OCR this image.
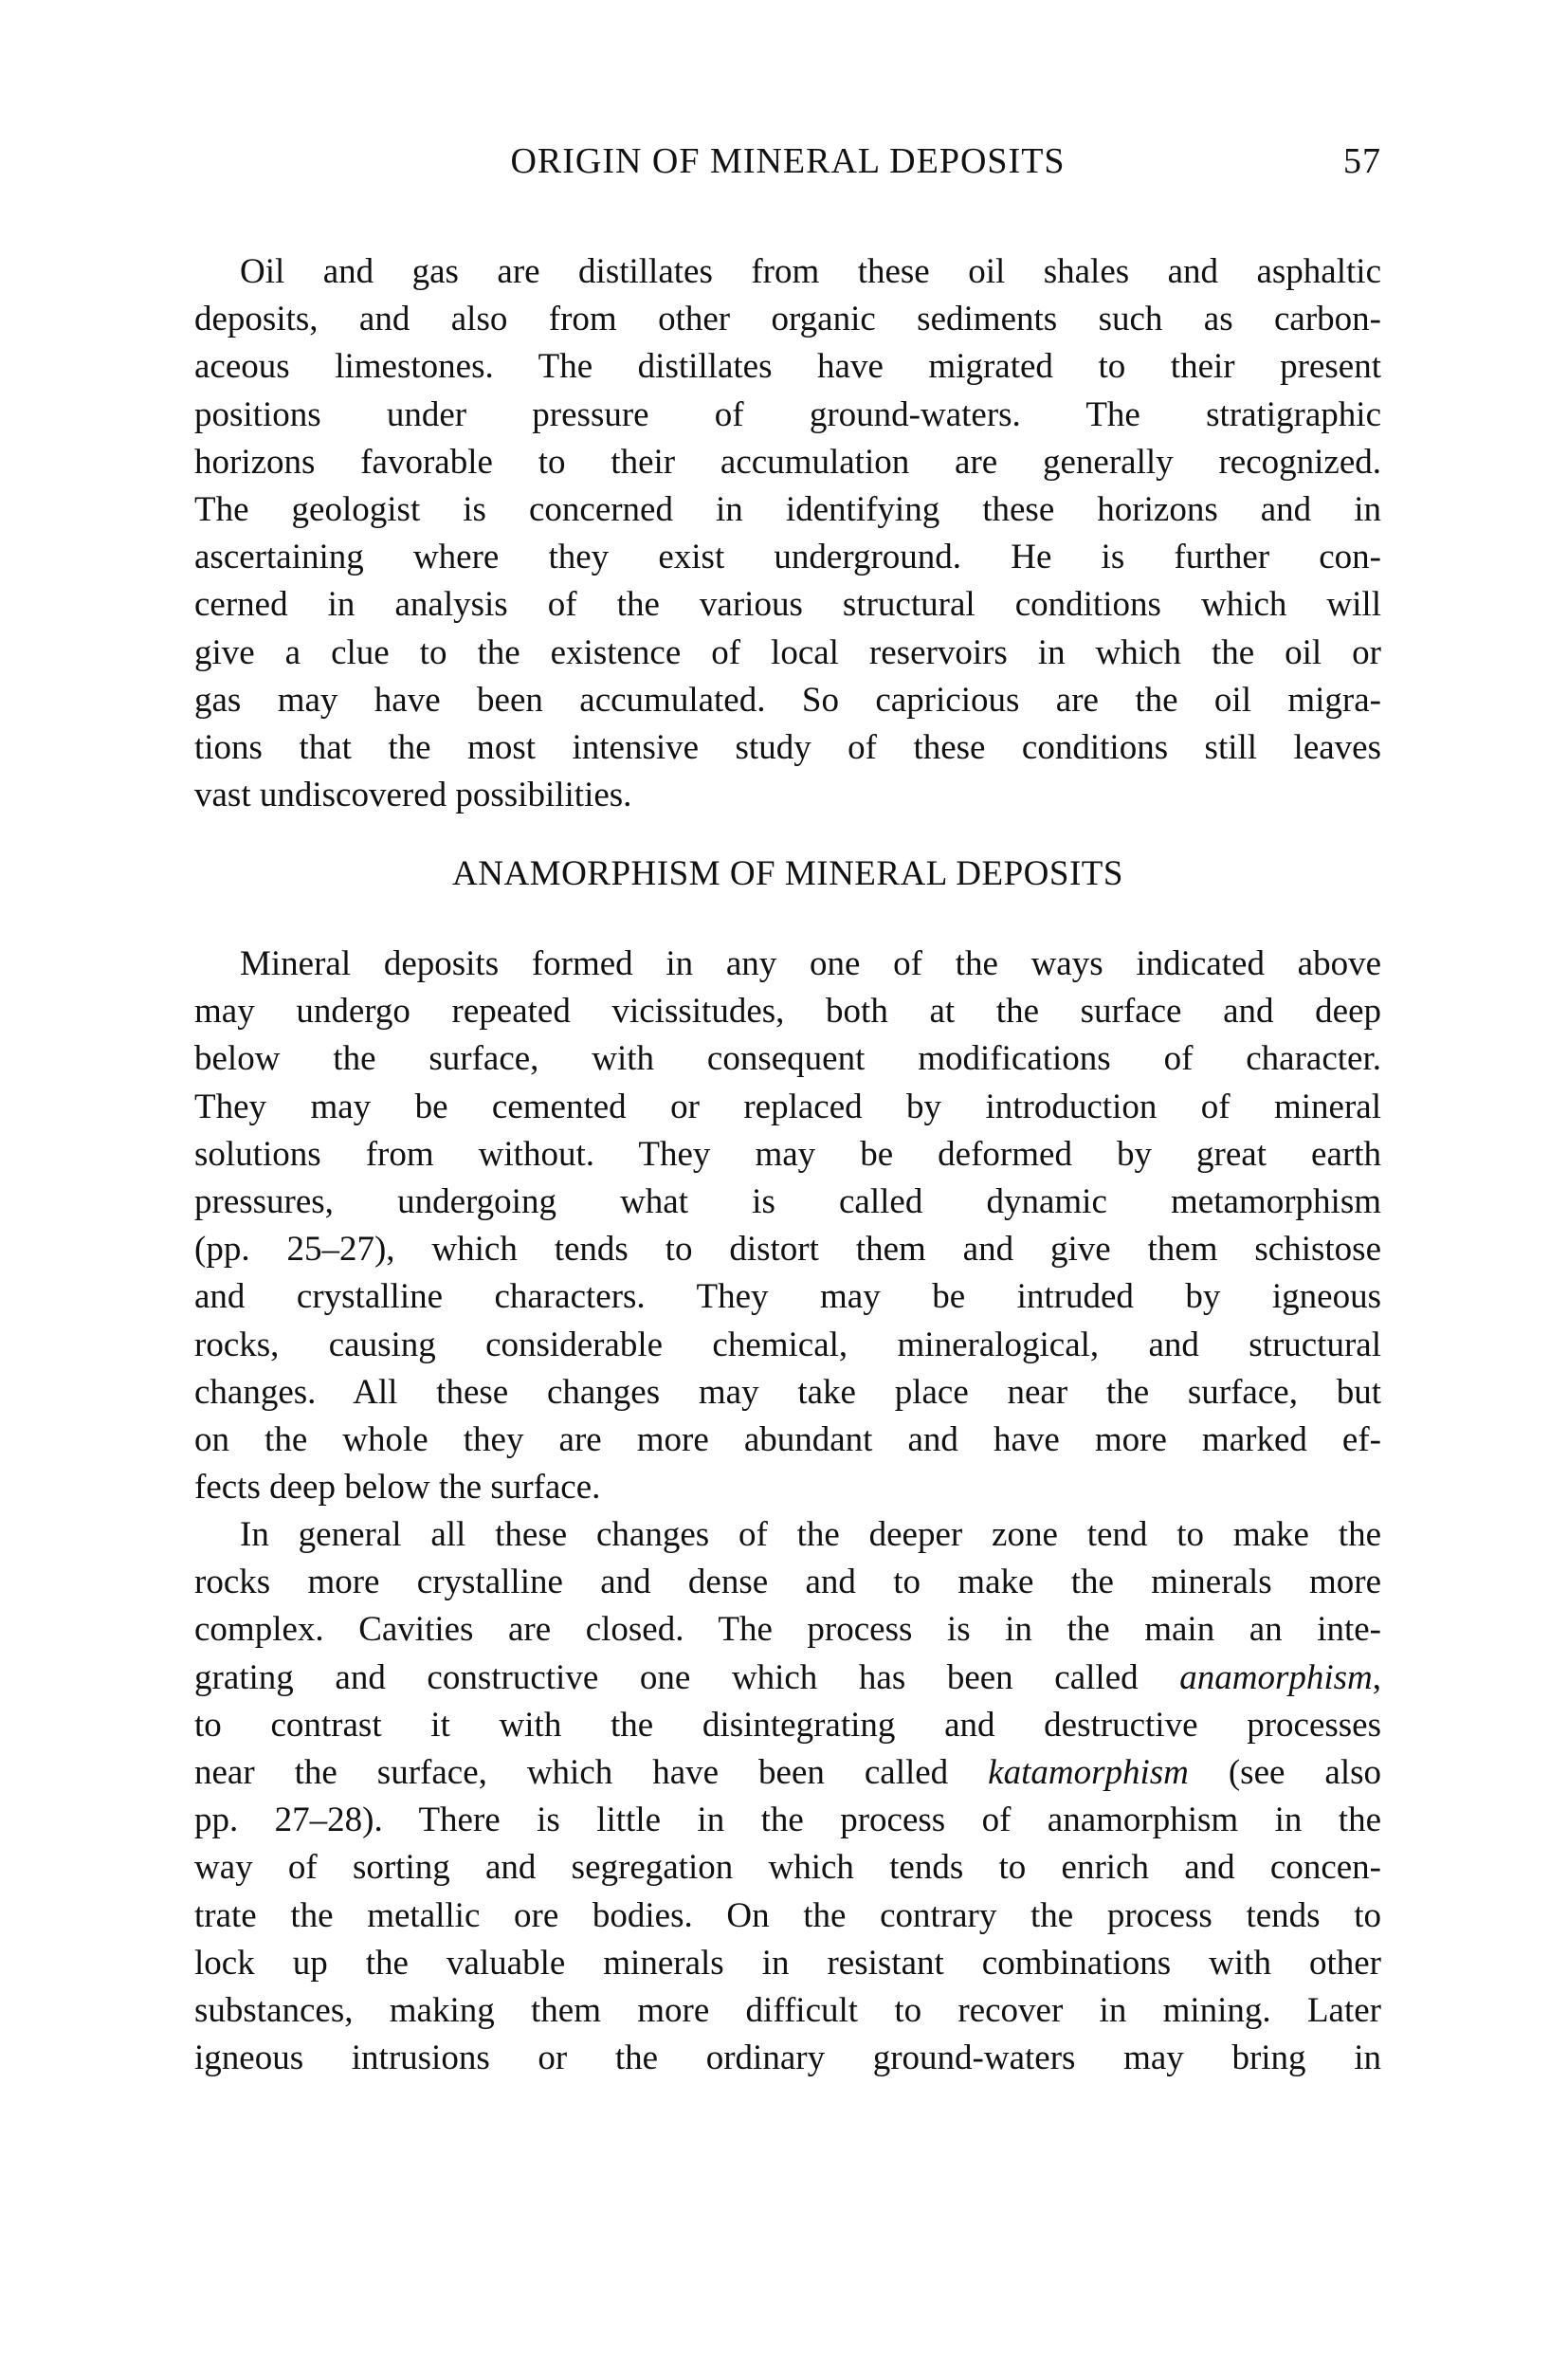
ORIGIN OF MINERAL DEPOSITS	57
Oil and gas are distillates from these oil shales and asphaltic
deposits, and also from other organic sediments such as carbon-
aceous limestones. The distillates have migrated to their present
positions under pressure of ground-waters. The stratigraphic
horizons favorable to their accumulation are generally recognized.
The geologist is concerned in identifying these horizons and in
ascertaining where they exist underground. He is further con-
cerned in analysis of the various structural conditions which will
give a clue to the existence of local reservoirs in which the oil or
gas may have been accumulated. So capricious are the oil migra-
tions that the most intensive study of these conditions still leaves
vast undiscovered possibilities.
ANAMORPHISM OF MINERAL DEPOSITS
Mineral deposits formed in any one of the ways indicated above
may undergo repeated vicissitudes, both at the surface and deep
below the surface, with consequent modifications of character.
They may be cemented or replaced by introduction of mineral
solutions from without. They may be deformed by great earth
pressures, undergoing what is called dynamic metamorphism
(pp. 25–27), which tends to distort them and give them schistose
and crystalline characters. They may be intruded by igneous
rocks, causing considerable chemical, mineralogical, and structural
changes. All these changes may take place near the surface, but
on the whole they are more abundant and have more marked ef-
fects deep below the surface.
In general all these changes of the deeper zone tend to make the
rocks more crystalline and dense and to make the minerals more
complex. Cavities are closed. The process is in the main an inte-
grating and constructive one which has been called anamorphism,
to contrast it with the disintegrating and destructive processes
near the surface, which have been called katamorphism (see also
pp. 27–28). There is little in the process of anamorphism in the
way of sorting and segregation which tends to enrich and concen-
trate the metallic ore bodies. On the contrary the process tends to
lock up the valuable minerals in resistant combinations with other
substances, making them more difficult to recover in mining. Later
igneous intrusions or the ordinary ground-waters may bring in
